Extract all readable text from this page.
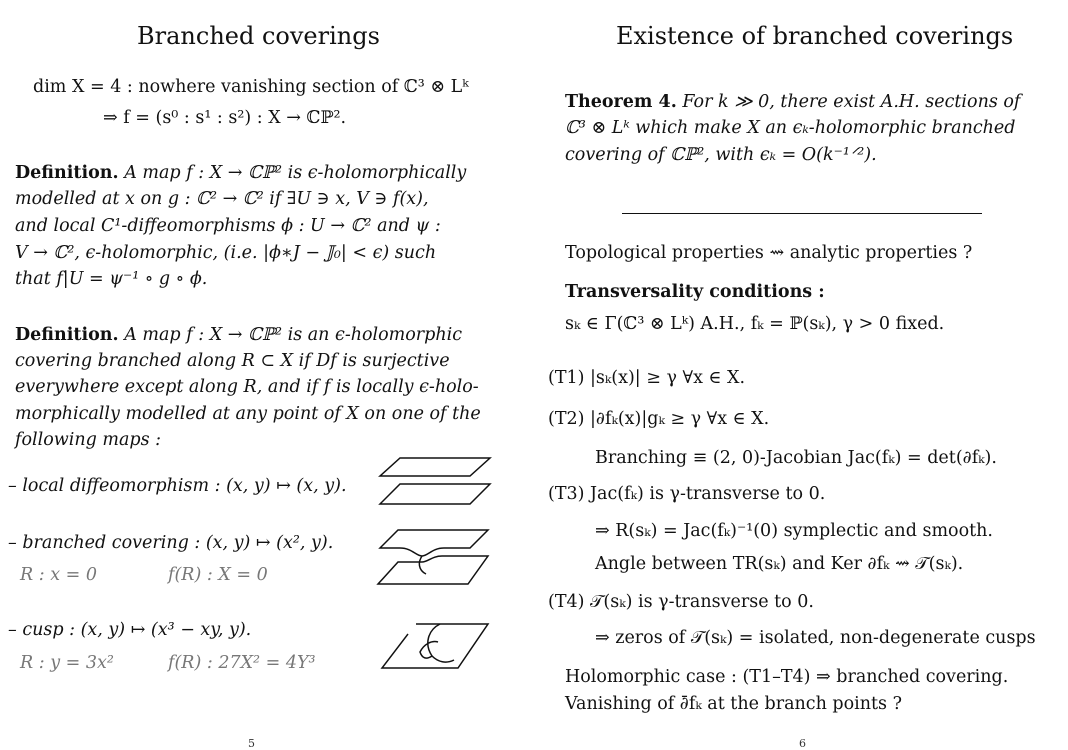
Branched coverings
dim X = 4 : nowhere vanishing section of ℂ³ ⊗ Lᵏ
⇒ f = (s⁰ : s¹ : s²) : X → ℂℙ².
Definition. A map f : X → ℂℙ² is ϵ-holomorphically
modelled at x on g : ℂ² → ℂ² if ∃U ∋ x, V ∋ f(x),
and local C¹-diffeomorphisms ϕ : U → ℂ² and ψ :
V → ℂ², ϵ-holomorphic, (i.e. |ϕ∗J − 𝕁₀| < ϵ) such
that f|U = ψ⁻¹ ∘ g ∘ ϕ.
Definition. A map f : X → ℂℙ² is an ϵ-holomorphic
covering branched along R ⊂ X if Df is surjective
everywhere except along R, and if f is locally ϵ-holo-
morphically modelled at any point of X on one of the
following maps :
– local diffeomorphism : (x, y) ↦ (x, y).
– branched covering : (x, y) ↦ (x², y).
R : x = 0	f(R) : X = 0
– cusp : (x, y) ↦ (x³ − xy, y).
R : y = 3x²	f(R) : 27X² = 4Y³
5
Existence of branched coverings
Theorem 4. For k ≫ 0, there exist A.H. sections of
ℂ³ ⊗ Lᵏ which make X an ϵₖ-holomorphic branched
covering of ℂℙ², with ϵₖ = O(k⁻¹ᐟ²).
Topological properties ⇝ analytic properties ?
Transversality conditions :
sₖ ∈ Γ(ℂ³ ⊗ Lᵏ) A.H., fₖ = ℙ(sₖ), γ > 0 fixed.
(T1) |sₖ(x)| ≥ γ ∀x ∈ X.
(T2) |∂fₖ(x)|gₖ ≥ γ ∀x ∈ X.
Branching ≡ (2, 0)-Jacobian Jac(fₖ) = det(∂fₖ).
(T3) Jac(fₖ) is γ-transverse to 0.
⇒ R(sₖ) = Jac(fₖ)⁻¹(0) symplectic and smooth.
Angle between TR(sₖ) and Ker ∂fₖ ⇝ 𝒯(sₖ).
(T4) 𝒯(sₖ) is γ-transverse to 0.
⇒ zeros of 𝒯(sₖ) = isolated, non-degenerate cusps
Holomorphic case : (T1–T4) ⇒ branched covering.
Vanishing of ∂̄fₖ at the branch points ?
6
